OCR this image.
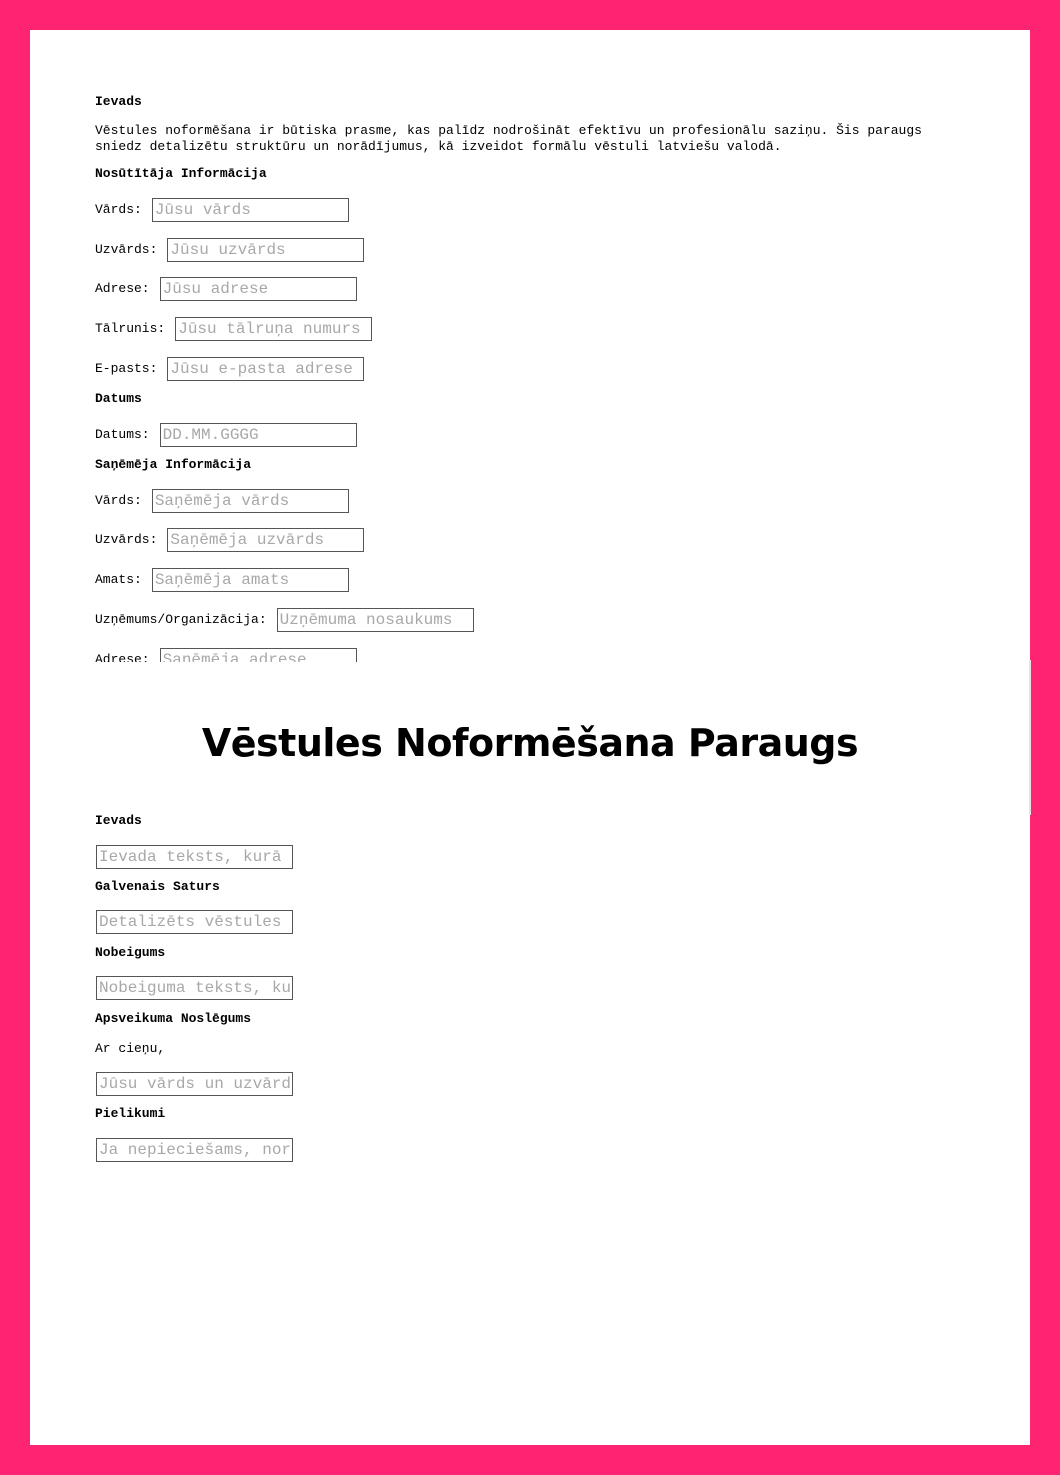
Ievads

Vēstules noformēšana ir būtiska prasme, kas palīdz nodrošināt efektīvu un profesionālu saziņu. Šis paraugs sniedz detalizētu struktūru un norādījumus, kā izveidot formālu vēstuli latviešu valodā.

Nosūtītāja Informācija
Vārds:
Jūsu vārds
Uzvārds:
Jūsu uzvārds
Adrese:
Jūsu adrese
Tālrunis:
Jūsu tālruņa numurs
E-pasts:
Jūsu e-pasta adrese
Datums
Datums:
DD.MM.GGGG
Saņēmēja Informācija
Vārds:
Saņēmēja vārds
Uzvārds:
Saņēmēja uzvārds
Amats:
Saņēmēja amats
Uzņēmums/Organizācija:
Uzņēmuma nosaukums
Adrese:
Saņēmēja adrese
Vēstules Noformēšana Paraugs
Ievads
Ievada teksts, kurā
Galvenais Saturs
Detalizēts vēstules
Nobeigums
Nobeiguma teksts, ku
Apsveikuma Noslēgums

Ar cieņu,

Jūsu vārds un uzvārd
Pielikumi
Ja nepieciešams, nor
